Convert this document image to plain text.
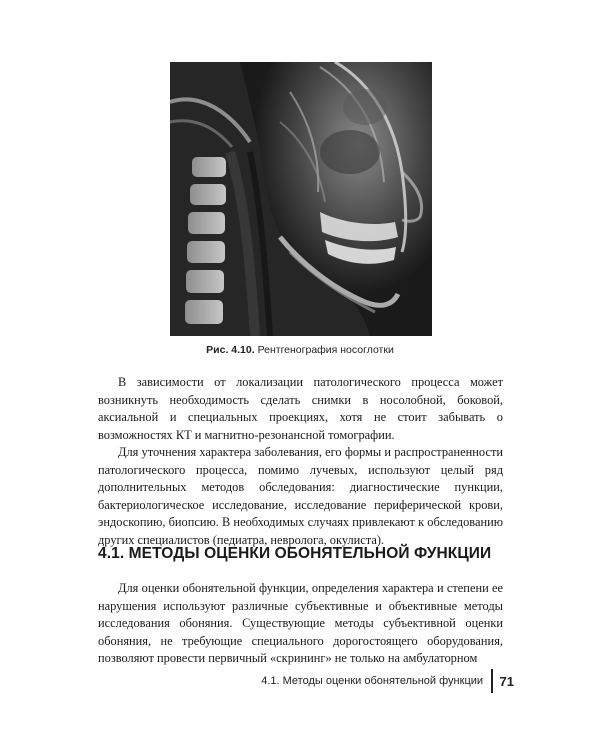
Рис. 4.10. Рентгенография носоглотки

В зависимости от локализации патологического процесса может возникнуть необходимость сделать снимки в носолобной, боковой, аксиальной и специальных проекциях, хотя не стоит забывать о возможностях КТ и магнитно-резонансной томографии.

Для уточнения характера заболевания, его формы и распространенности патологического процесса, помимо лучевых, используют целый ряд дополнительных методов обследования: диагностические пункции, бактериологическое исследование, исследование периферической крови, эндоскопию, биопсию. В необходимых случаях привлекают к обследованию других специалистов (педиатра, невролога, окулиста).

4.1. МЕТОДЫ ОЦЕНКИ ОБОНЯТЕЛЬНОЙ ФУНКЦИИ

Для оценки обонятельной функции, определения характера и степени ее нарушения используют различные субъективные и объективные методы исследования обоняния. Существующие методы субъективной оценки обоняния, не требующие специального дорогостоящего оборудования, позволяют провести первичный «скрининг» не только на амбулаторном

4.1. Методы оценки обонятельной функции 71
